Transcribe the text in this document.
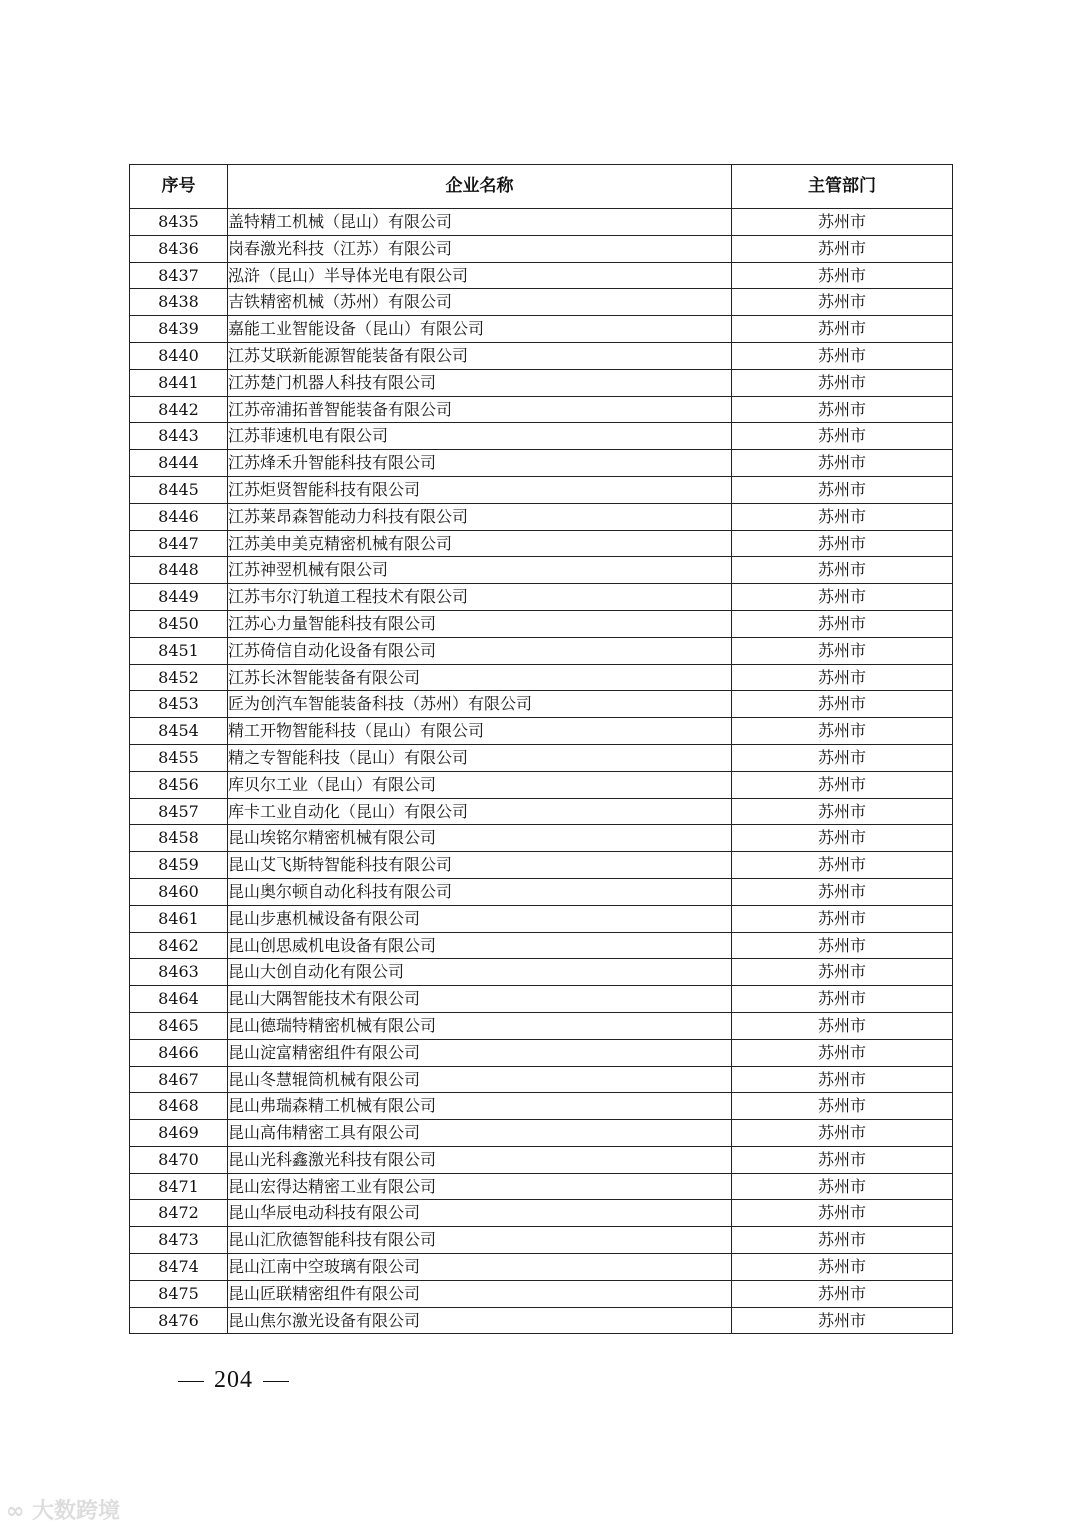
序号	企业名称	主管部门
8435	盖特精工机械（昆山）有限公司	苏州市
8436	岗春激光科技（江苏）有限公司	苏州市
8437	泓浒（昆山）半导体光电有限公司	苏州市
8438	吉铁精密机械（苏州）有限公司	苏州市
8439	嘉能工业智能设备（昆山）有限公司	苏州市
8440	江苏艾联新能源智能装备有限公司	苏州市
8441	江苏楚门机器人科技有限公司	苏州市
8442	江苏帝浦拓普智能装备有限公司	苏州市
8443	江苏菲速机电有限公司	苏州市
8444	江苏烽禾升智能科技有限公司	苏州市
8445	江苏炬贤智能科技有限公司	苏州市
8446	江苏莱昂森智能动力科技有限公司	苏州市
8447	江苏美申美克精密机械有限公司	苏州市
8448	江苏神翌机械有限公司	苏州市
8449	江苏韦尔汀轨道工程技术有限公司	苏州市
8450	江苏心力量智能科技有限公司	苏州市
8451	江苏倚信自动化设备有限公司	苏州市
8452	江苏长沐智能装备有限公司	苏州市
8453	匠为创汽车智能装备科技（苏州）有限公司	苏州市
8454	精工开物智能科技（昆山）有限公司	苏州市
8455	精之专智能科技（昆山）有限公司	苏州市
8456	库贝尔工业（昆山）有限公司	苏州市
8457	库卡工业自动化（昆山）有限公司	苏州市
8458	昆山埃铭尔精密机械有限公司	苏州市
8459	昆山艾飞斯特智能科技有限公司	苏州市
8460	昆山奥尔顿自动化科技有限公司	苏州市
8461	昆山步惠机械设备有限公司	苏州市
8462	昆山创思威机电设备有限公司	苏州市
8463	昆山大创自动化有限公司	苏州市
8464	昆山大隅智能技术有限公司	苏州市
8465	昆山德瑞特精密机械有限公司	苏州市
8466	昆山淀富精密组件有限公司	苏州市
8467	昆山冬慧辊筒机械有限公司	苏州市
8468	昆山弗瑞森精工机械有限公司	苏州市
8469	昆山高伟精密工具有限公司	苏州市
8470	昆山光科鑫激光科技有限公司	苏州市
8471	昆山宏得达精密工业有限公司	苏州市
8472	昆山华辰电动科技有限公司	苏州市
8473	昆山汇欣德智能科技有限公司	苏州市
8474	昆山江南中空玻璃有限公司	苏州市
8475	昆山匠联精密组件有限公司	苏州市
8476	昆山焦尔激光设备有限公司	苏州市
204
∞ 大数跨境
